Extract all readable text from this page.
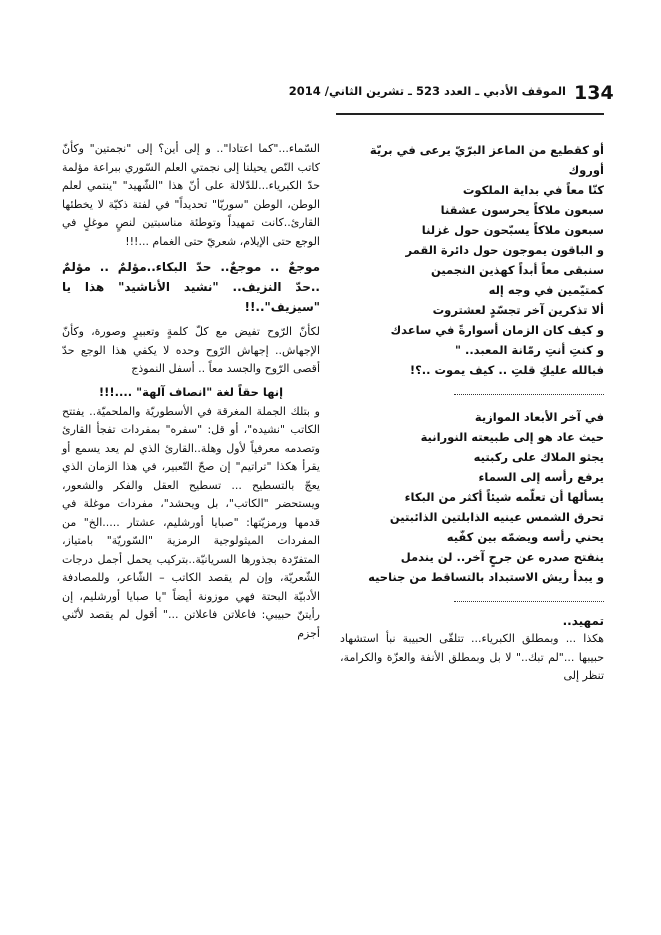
134
الموقف الأدبي ـ العدد 523 ـ تشرين الثاني/ 2014

أو كقطيع من الماعز البرّيّ يرعى في بريّة

أوروك

كنّا معاً في بداية الملكوت

سبعون ملاكاً يحرسون عشقنا

سبعون ملاكاً يسبّحون حول غزلنا

و الباقون يموجون حول دائرة القمر

سنبقى معاً أبداً كهذين النجمين

كمتيّمين في وجه إله

ألا تذكرين آخر تجسّدٍ لعشتروت

و كيف كان الزمان أسوارةً في ساعدك

و كنتِ أنتِ رمّانة المعبد.. "

فبالله عليكِ قلتِ .. كيف يموت ..؟!

في آخر الأبعاد الموازية

حيث عاد هو إلى طبيعته النورانية

يجثو الملاك على ركبتيه

يرفع رأسه إلى السماء

يسألها أن تعلّمه شيئاً أكثر من البكاء

تحرق الشمس عينيه الذابلتين الذائبتين

يحني رأسه ويضمّه بين كفّيه

ينفتح صدره عن جرحٍ آخر.. لن يندمل

و يبدأ ريش الاستبداد بالتساقط من جناحيه

تمهيد..

هكذا ... وبمطلق الكبرياء... تتلقّى الحبيبة نبأ استشهاد حبيبها ..."لم تبك.." لا بل وبمطلق الأنفة والعزّة والكرامة، تنظر إلى

السّماء..."كما اعتادا".. و إلى أين؟ إلى "نجمتين" وكأنّ كاتب النّص يحيلنا إلى نجمتي العلم السّوري ببراعة مؤلمة حدّ الكبرياء...للدّلالة على أنّ هذا "الشّهيد" "ينتمي لعلم الوطن، الوطن "سوريّا" تحديداً" في لفتة ذكيّة لا يخطئها القارئ..كانت تمهيداً وتوطئة مناسبتين لنصٍ موغلٍ في الوجع حتى الإيلام، شعريّ حتى الغمام ...!!!

موجعٌ .. موجعٌ.. حدّ البكاء..مؤلمٌ .. مؤلمٌ ..حدّ النزيف.. "نشيد الأناشيد" هذا يا "سيزيف"..!!

لكأنّ الرّوح تفيض مع كلّ كلمةٍ وتعبيرٍ وصورة، وكأنّ الإجهاش.. إجهاش الرّوح وحده لا يكفي هذا الوجع حدّ أقصى الرّوح والجسد معاً .. أسفل النموذج

إنها حقاً لغة "انصاف آلهة" ....!!!

و بتلك الجملة المغرقة في الأسطوريّة والملحميّة.. يفتتح الكاتب "نشيده"، أو قل: "سفره" بمفردات تفجأ القارئ وتصدمه معرفياً لأول وهلة..القارئ الذي لم يعد يسمع أو يقرأ هكذا "تراتيم" إن صحّ التّعبير، في هذا الزمان الذي يعجّ بالتسطيح ... تسطيح العقل والفكر والشعور، ويستحضر "الكاتب"، بل ويحشد"، مفردات موغلة في قدمها ورمزيّتها: "صبايا أورشليم، عشتار .....الخ" من المفردات الميثولوجية الرمزية "السّوريّة" بامتياز، المتفرّدة بجذورها السريانيّة..بتركيب يحمل أجمل درجات الشّعريّة، وإن لم يقصد الكاتب – الشّاعر، وللمصادفة الأدبيّة البحتة فهي موزونة أيضاً "يا صبايا أورشليم، إن رأيتنّ حبيبي: فاعلاتن فاعلاتن ..." أقول لم يقصد لأنّني أجزم
